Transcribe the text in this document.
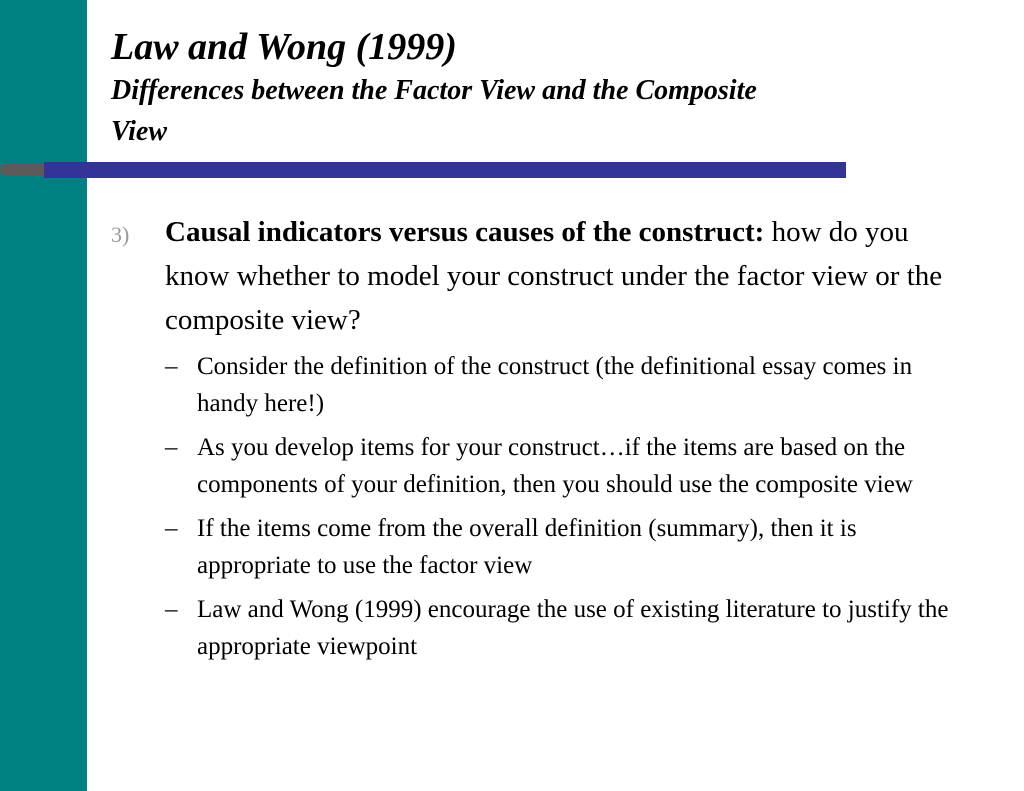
Law and Wong (1999)
Differences between the Factor View and the Composite View
3) Causal indicators versus causes of the construct: how do you know whether to model your construct under the factor view or the composite view?
– Consider the definition of the construct (the definitional essay comes in handy here!)
– As you develop items for your construct…if the items are based on the components of your definition, then you should use the composite view
– If the items come from the overall definition (summary), then it is appropriate to use the factor view
– Law and Wong (1999) encourage the use of existing literature to justify the appropriate viewpoint
